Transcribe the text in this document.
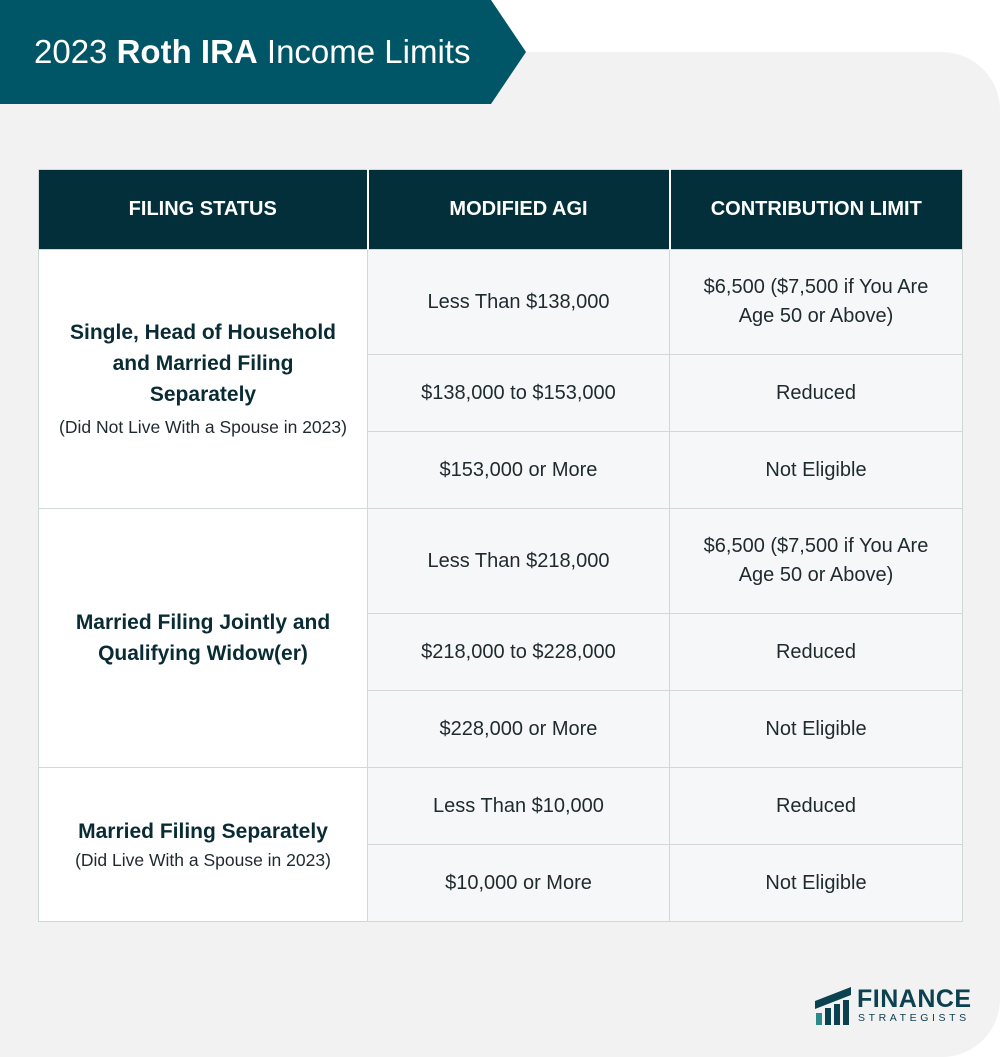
2023 Roth IRA Income Limits
FILING STATUS	MODIFIED AGI	CONTRIBUTION LIMIT

Single, Head of Household and Married Filing Separately
(Did Not Live With a Spouse in 2023)	Less Than $138,000	$6,500 ($7,500 if You Are Age 50 or Above)
	$138,000 to $153,000	Reduced
	$153,000 or More	Not Eligible

Married Filing Jointly and Qualifying Widow(er)	Less Than $218,000	$6,500 ($7,500 if You Are Age 50 or Above)
	$218,000 to $228,000	Reduced
	$228,000 or More	Not Eligible

Married Filing Separately
(Did Live With a Spouse in 2023)	Less Than $10,000	Reduced
	$10,000 or More	Not Eligible
FINANCE
STRATEGISTS
